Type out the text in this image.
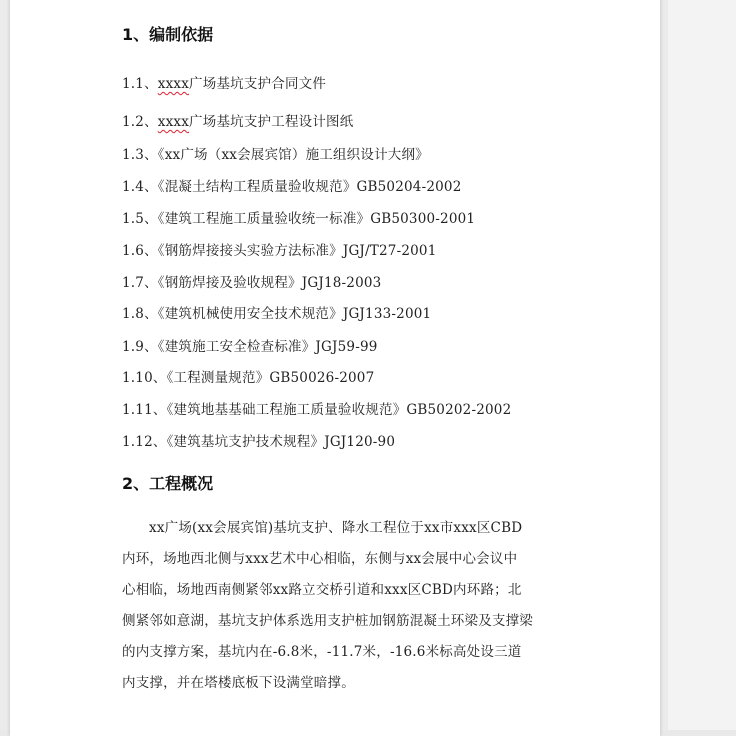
1、编制依据
1.1、xxxx广场基坑支护合同文件
1.2、xxxx广场基坑支护工程设计图纸
1.3、《xx广场（xx会展宾馆）施工组织设计大纲》
1.4、《混凝土结构工程质量验收规范》GB50204-2002
1.5、《建筑工程施工质量验收统一标准》GB50300-2001
1.6、《钢筋焊接接头实验方法标准》JGJ/T27-2001
1.7、《钢筋焊接及验收规程》JGJ18-2003
1.8、《建筑机械使用安全技术规范》JGJ133-2001
1.9、《建筑施工安全检查标准》JGJ59-99
1.10、《工程测量规范》GB50026-2007
1.11、《建筑地基基础工程施工质量验收规范》GB50202-2002
1.12、《建筑基坑支护技术规程》JGJ120-90
2、工程概况
xx广场(xx会展宾馆)基坑支护、降水工程位于xx市xxx区CBD
内环，场地西北侧与xxx艺术中心相临，东侧与xx会展中心会议中
心相临，场地西南侧紧邻xx路立交桥引道和xxx区CBD内环路；北
侧紧邻如意湖，基坑支护体系选用支护桩加钢筋混凝土环梁及支撑梁
的内支撑方案，基坑内在-6.8米，-11.7米，-16.6米标高处设三道
内支撑，并在塔楼底板下设满堂暗撑。
